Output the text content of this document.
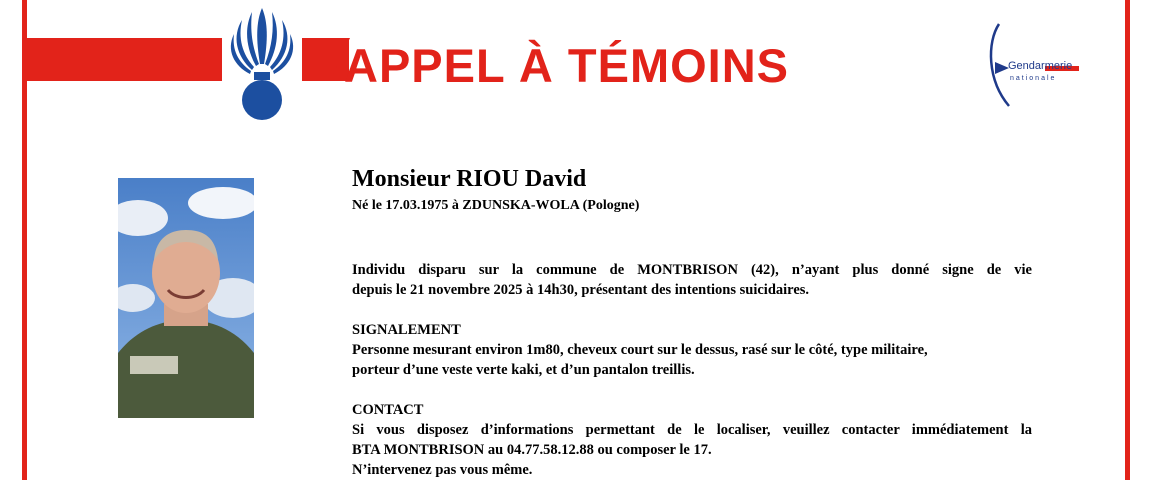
APPEL À TÉMOINS	Gendarmerie
nationale
Monsieur RIOU David
Né le 17.03.1975 à ZDUNSKA-WOLA (Pologne)
Individu disparu sur la commune de MONTBRISON (42), n’ayant plus donné signe de vie
depuis le 21 novembre 2025 à 14h30, présentant des intentions suicidaires.
SIGNALEMENT
Personne mesurant environ 1m80, cheveux court sur le dessus, rasé sur le côté, type militaire,
porteur d’une veste verte kaki, et d’un pantalon treillis.
CONTACT
Si vous disposez d’informations permettant de le localiser, veuillez contacter immédiatement la
BTA MONTBRISON au 04.77.58.12.88 ou composer le 17.
N’intervenez pas vous même.
